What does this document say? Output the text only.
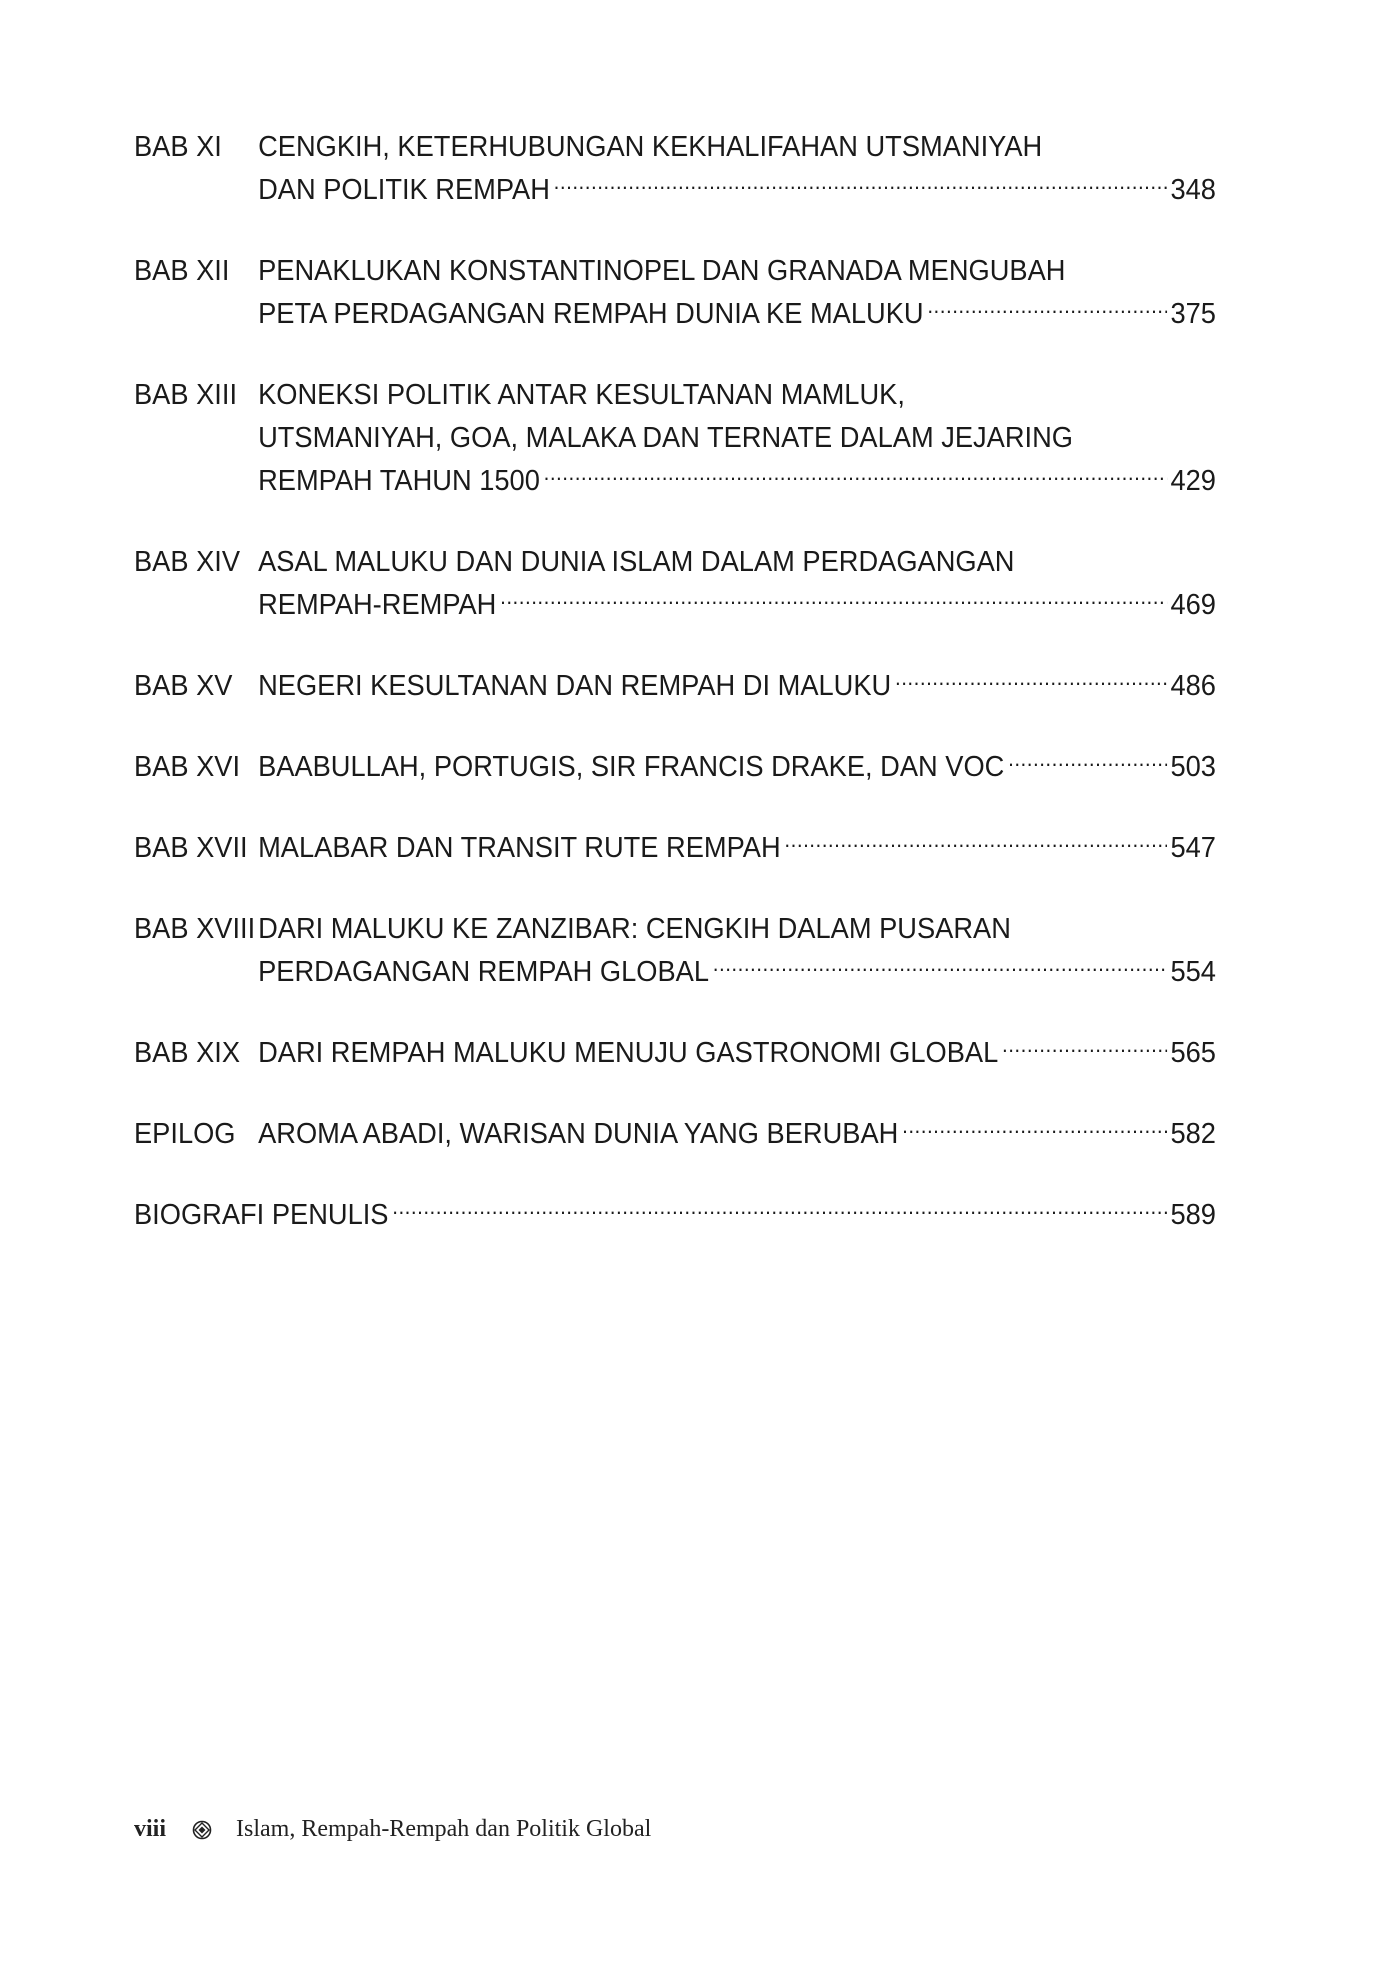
BAB XI	CENGKIH, KETERHUBUNGAN KEKHALIFAHAN UTSMANIYAH
DAN POLITIK REMPAH .....	348
BAB XII PENAKLUKAN KONSTANTINOPEL DAN GRANADA MENGUBAH
PETA PERDAGANGAN REMPAH DUNIA KE MALUKU .....	375
BAB XIII KONEKSI POLITIK ANTAR KESULTANAN MAMLUK,
UTSMANIYAH, GOA, MALAKA DAN TERNATE DALAM JEJARING
REMPAH TAHUN 1500 .....	429
BAB XIV ASAL MALUKU DAN DUNIA ISLAM DALAM PERDAGANGAN
REMPAH-REMPAH .....	469
BAB XV NEGERI KESULTANAN DAN REMPAH DI MALUKU .....	486
BAB XVI BAABULLAH, PORTUGIS, SIR FRANCIS DRAKE, DAN VOC .....	503
BAB XVII MALABAR DAN TRANSIT RUTE REMPAH .....	547
BAB XVIII DARI MALUKU KE ZANZIBAR: CENGKIH DALAM PUSARAN
PERDAGANGAN REMPAH GLOBAL .....	554
BAB XIX DARI REMPAH MALUKU MENUJU GASTRONOMI GLOBAL .....	565
EPILOG AROMA ABADI, WARISAN DUNIA YANG BERUBAH .....	582
BIOGRAFI PENULIS .....	589
viii	Islam, Rempah-Rempah dan Politik Global
